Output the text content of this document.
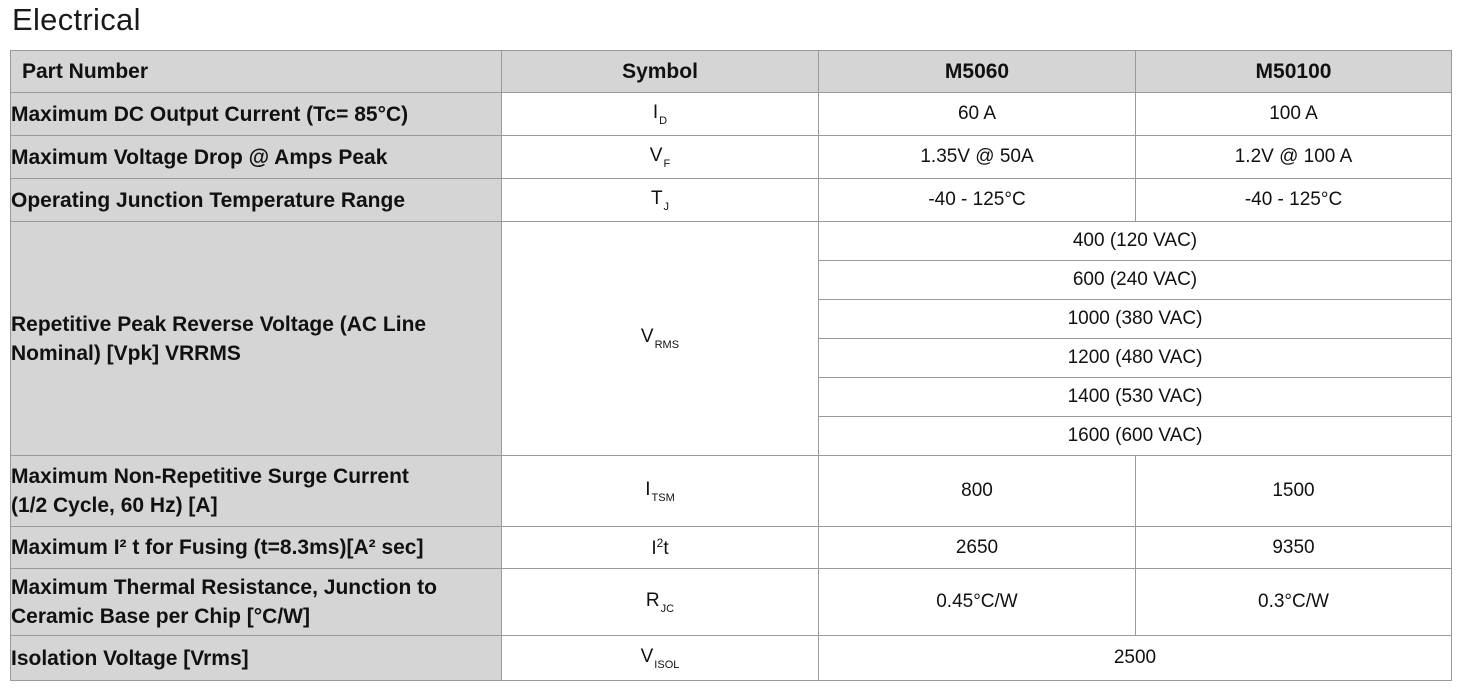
Electrical
Part Number	Symbol	M5060	M50100
Maximum DC Output Current (Tc= 85°C)	$I_D$	60 A	100 A
Maximum Voltage Drop @ Amps Peak	$V_F$	1.35V @ 50A	1.2V @ 100 A
Operating Junction Temperature Range	$T_J$	-40 - 125°C	-40 - 125°C
Repetitive Peak Reverse Voltage (AC Line
Nominal) [Vpk] VRRMS	$V_{RMS}$	400 (120 VAC)	
		600 (240 VAC)	
		1000 (380 VAC)	
		1200 (480 VAC)	
		1400 (530 VAC)	
		1600 (600 VAC)	
Maximum Non-Repetitive Surge Current
(1/2 Cycle, 60 Hz) [A]	$I_{TSM}$	800	1500
Maximum I² t for Fusing (t=8.3ms)[A² sec]	$I^2t$	2650	9350
Maximum Thermal Resistance, Junction to
Ceramic Base per Chip [°C/W]	$R_{JC}$	0.45°C/W	0.3°C/W
Isolation Voltage [Vrms]	$V_{ISOL}$	2500	
